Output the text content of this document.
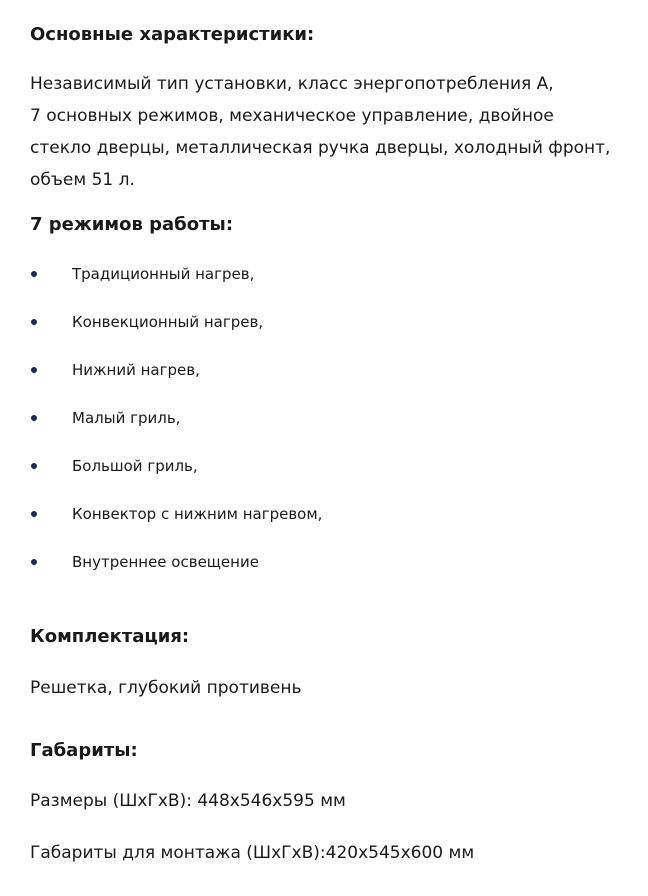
Основные характеристики:

Независимый тип установки, класс энергопотребления А,
7 основных режимов, механическое управление, двойное
стекло дверцы, металлическая ручка дверцы, холодный фронт,
объем 51 л.

7 режимов работы:
Традиционный нагрев,
Конвекционный нагрев,
Нижний нагрев,
Малый гриль,
Большой гриль,
Конвектор с нижним нагревом,
Внутреннее освещение
Комплектация:

Решетка, глубокий противень

Габариты:

Размеры (ШхГхВ): 448х546х595 мм

Габариты для монтажа (ШхГхВ):420х545х600 мм
